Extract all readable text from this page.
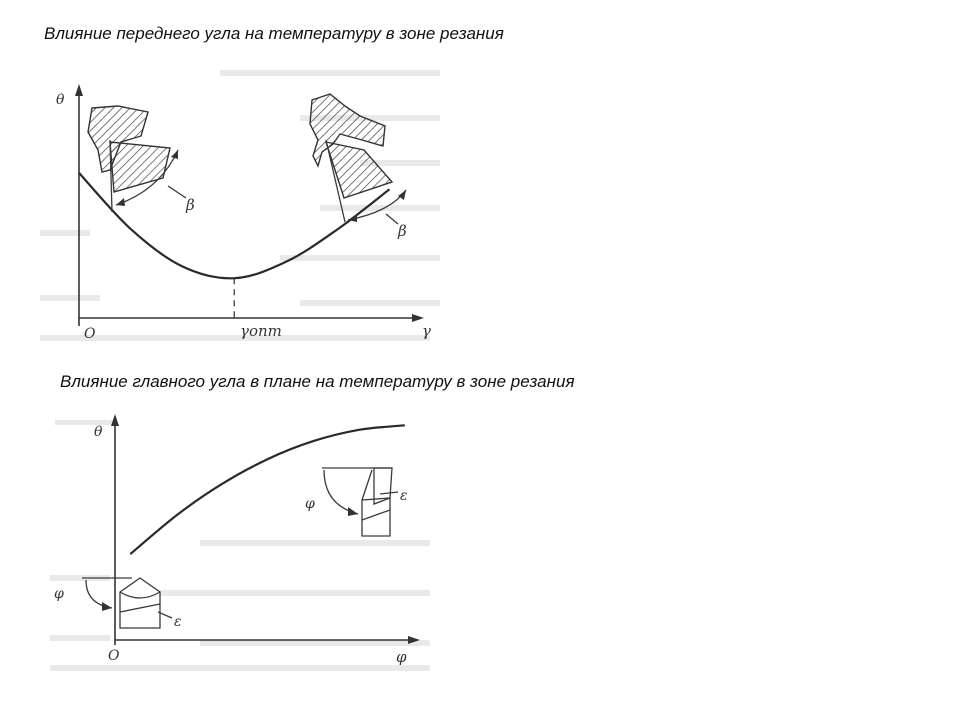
Влияние переднего угла на температуру в зоне резания
Влияние главного угла в плане на температуру в зоне резания
θ
O	γ
γопт
β
β
θ
O	φ
φ	ε
φ
ε
